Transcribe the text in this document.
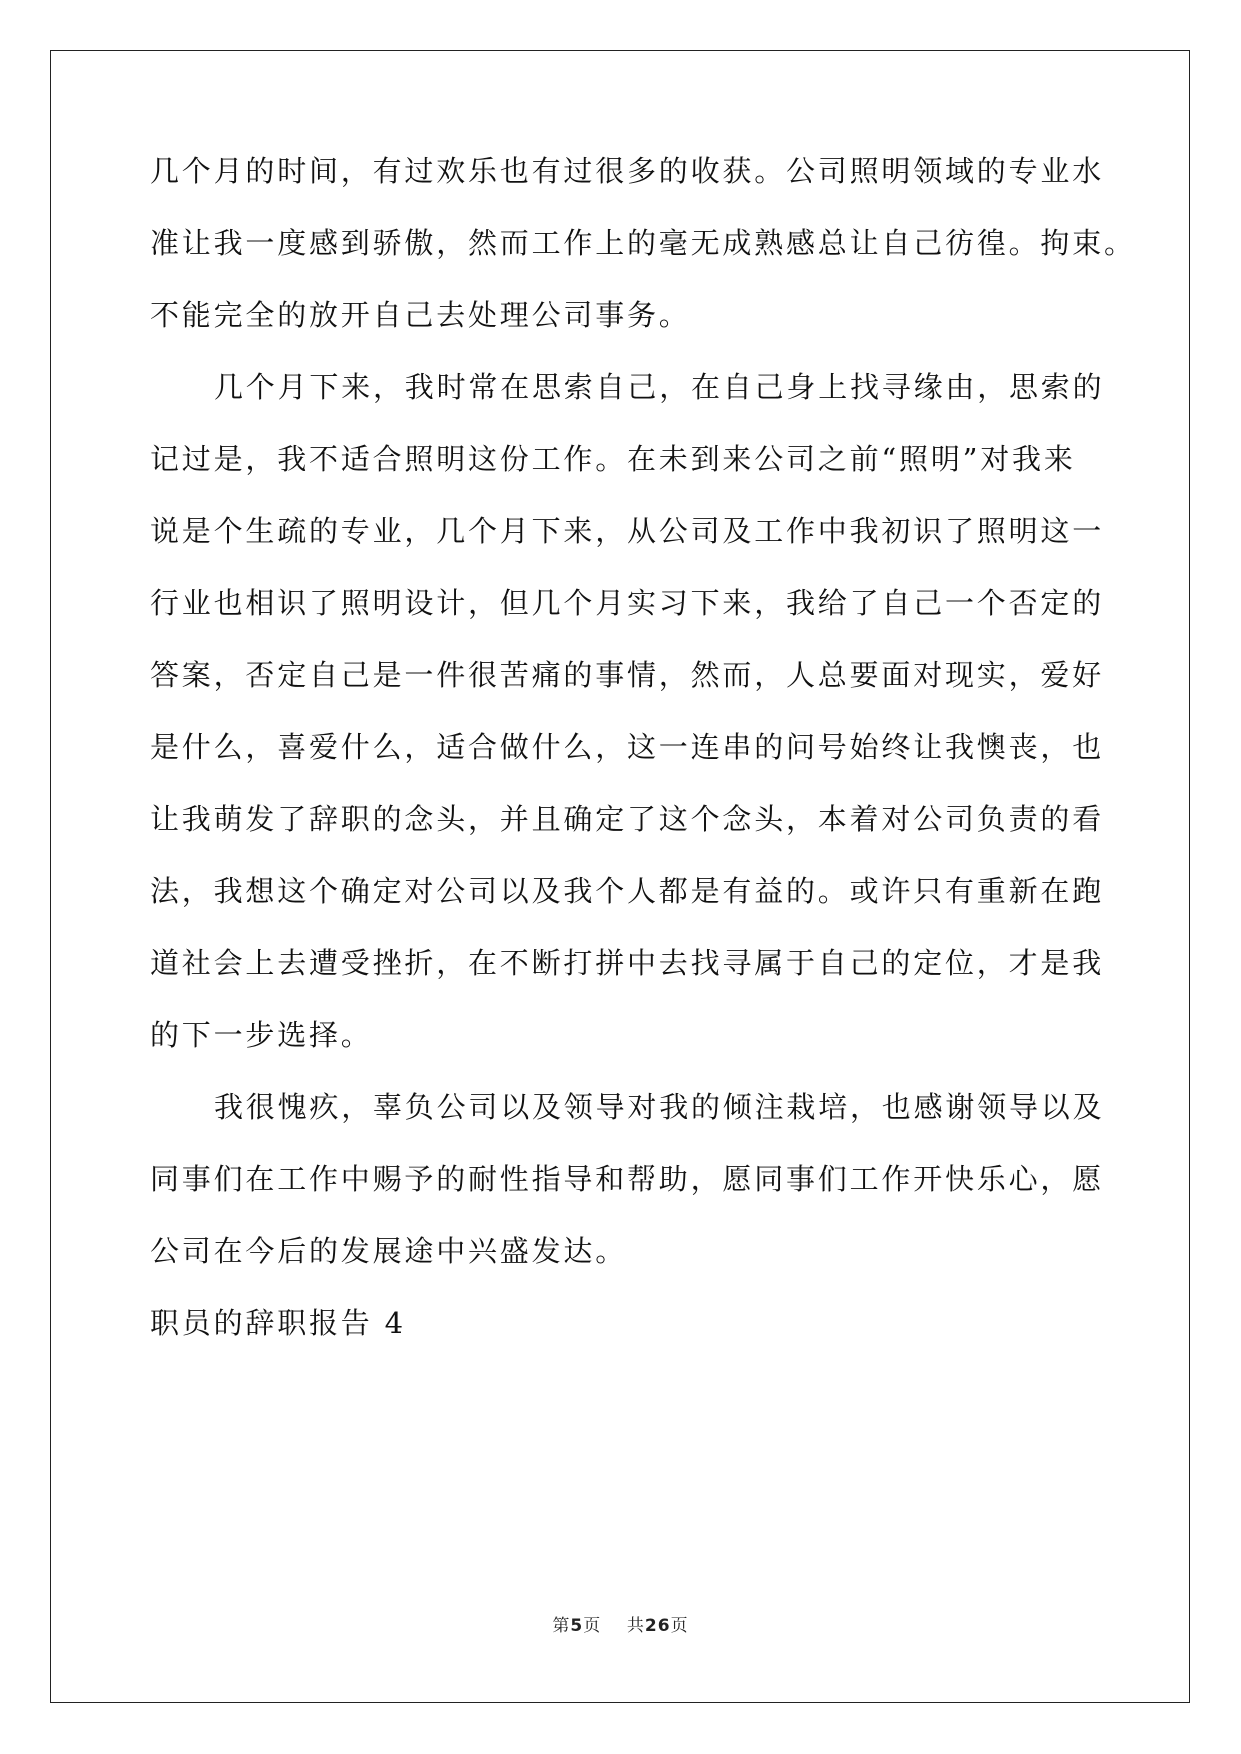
几个月的时间，有过欢乐也有过很多的收获。公司照明领域的专业水
准让我一度感到骄傲，然而工作上的毫无成熟感总让自己彷徨。拘束。
不能完全的放开自己去处理公司事务。
几个月下来，我时常在思索自己，在自己身上找寻缘由，思索的
记过是，我不适合照明这份工作。在未到来公司之前“照明”对我来
说是个生疏的专业，几个月下来，从公司及工作中我初识了照明这一
行业也相识了照明设计，但几个月实习下来，我给了自己一个否定的
答案，否定自己是一件很苦痛的事情，然而，人总要面对现实，爱好
是什么，喜爱什么，适合做什么，这一连串的问号始终让我懊丧，也
让我萌发了辞职的念头，并且确定了这个念头，本着对公司负责的看
法，我想这个确定对公司以及我个人都是有益的。或许只有重新在跑
道社会上去遭受挫折，在不断打拼中去找寻属于自己的定位，才是我
的下一步选择。
我很愧疚，辜负公司以及领导对我的倾注栽培，也感谢领导以及
同事们在工作中赐予的耐性指导和帮助，愿同事们工作开快乐心，愿
公司在今后的发展途中兴盛发达。
职员的辞职报告 4
第5页 共26页
